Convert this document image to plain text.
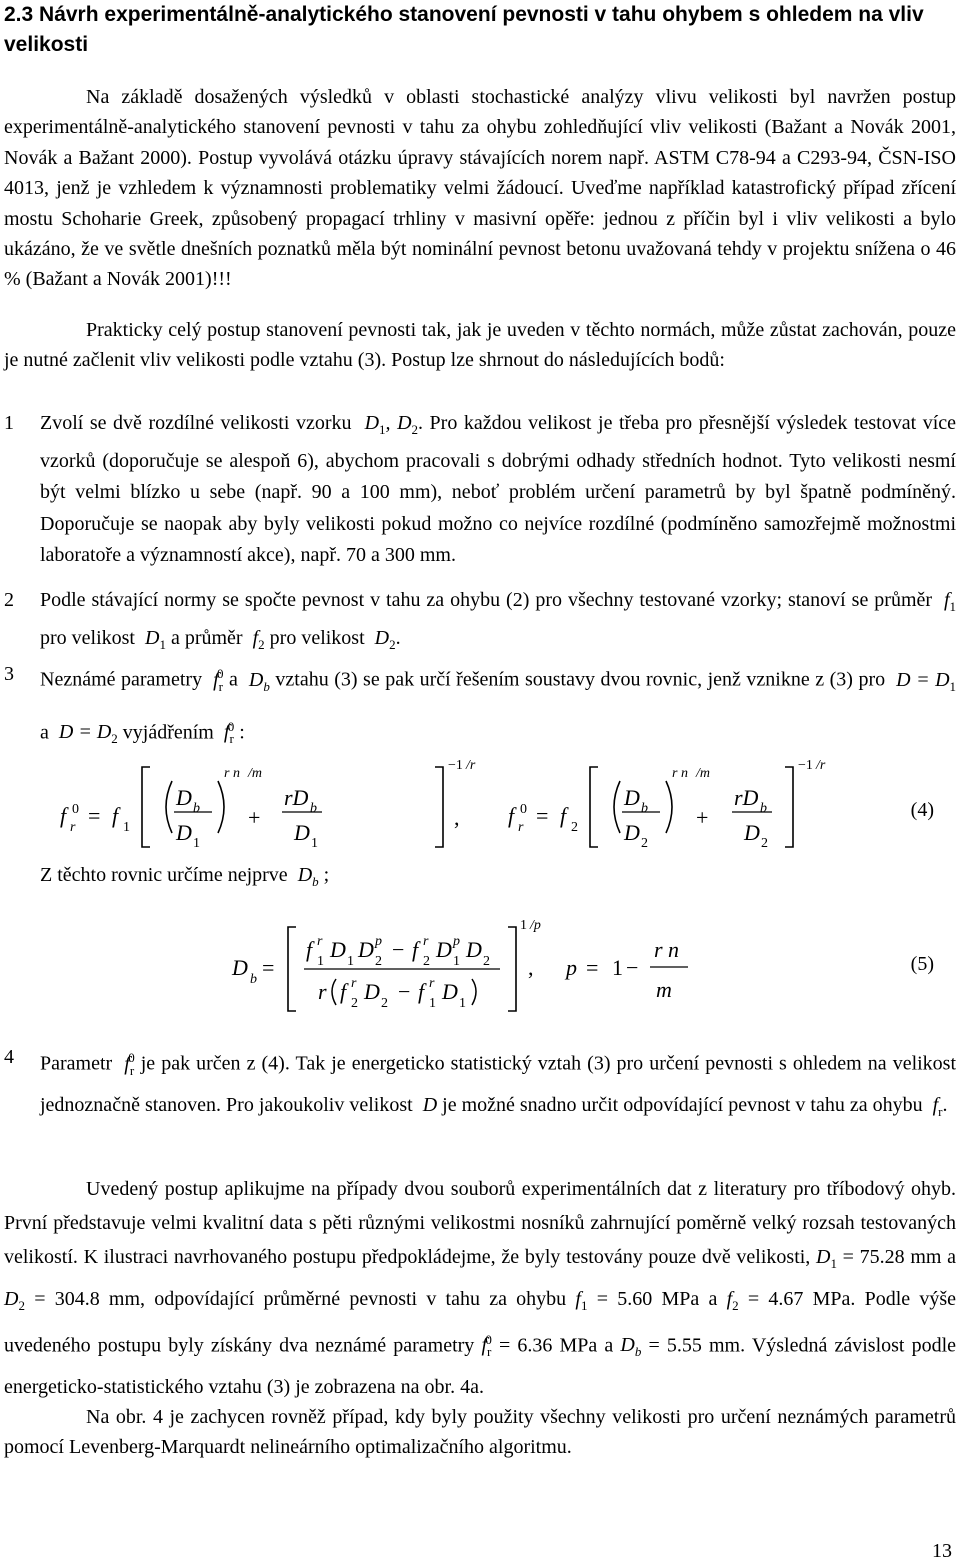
2.3 Návrh experimentálně-analytického stanovení pevnosti v tahu ohybem s ohledem na vliv velikosti

Na základě dosažených výsledků v oblasti stochastické analýzy vlivu velikosti byl navržen postup experimentálně-analytického stanovení pevnosti v tahu za ohybu zohledňující vliv velikosti (Bažant a Novák 2001, Novák a Bažant 2000). Postup vyvolává otázku úpravy stávajících norem např. ASTM C78-94 a C293-94, ČSN-ISO 4013, jenž je vzhledem k významnosti problematiky velmi žádoucí. Uveďme například katastrofický případ zřícení mostu Schoharie Greek, způsobený propagací trhliny v masivní opěře: jednou z příčin byl i vliv velikosti a bylo ukázáno, že ve světle dnešních poznatků měla být nominální pevnost betonu uvažovaná tehdy v projektu snížena o 46 % (Bažant a Novák 2001)!!!

Prakticky celý postup stanovení pevnosti tak, jak je uveden v těchto normách, může zůstat zachován, pouze je nutné začlenit vliv velikosti podle vztahu (3). Postup lze shrnout do následujících bodů:

1	Zvolí se dvě rozdílné velikosti vzorku  $D_1$, $D_2$. Pro každou velikost je třeba pro přesnější výsledek testovat více vzorků (doporučuje se alespoň 6), abychom pracovali s dobrými odhady středních hodnot. Tyto velikosti nesmí být velmi blízko u sebe (např. 90 a 100 mm), neboť problém určení parametrů by byl špatně podmíněný. Doporučuje se naopak aby byly velikosti pokud možno co nejvíce rozdílné (podmíněno samozřejmě možnostmi laboratoře a významností akce), např. 70 a 300 mm.
2	Podle stávající normy se spočte pevnost v tahu za ohybu (2) pro všechny testované vzorky; stanoví se průměr  $f_1$ pro velikost  $D_1$ a průměr  $f_2$ pro velikost  $D_2$.
3	Neznámé parametry  $f_r^0$ a  $D_b$ vztahu (3) se pak určí řešením soustavy dvou rovnic, jenž vznikne z (3) pro  $D = D_1$ a  $D = D_2$ vyjádřením  $f_r^0$ :
f r
0 = f 1
D b
D 1
r n /m
+
rD b
D 1
−1 /r
, f r
0 = f 2
D b
D 2
r n /m
+
rD b
D 2
−1 /r
(4)
Z těchto rovnic určíme nejprve  $D_b$ ;
D b =
f 1
r D 1 D 2
p − f 2
r D 1
p D 2
r f 2
r D 2 − f 1
r D 1
1 /p
, p = 1 −
r n
m
(5)
4	Parametr  $f_r^0$ je pak určen z (4). Tak je energeticko statistický vztah (3) pro určení pevnosti s ohledem na velikost jednoznačně stanoven. Pro jakoukoliv velikost  D je možné snadno určit odpovídající pevnost v tahu za ohybu  $f_r$.

Uvedený postup aplikujme na případy dvou souborů experimentálních dat z literatury pro tříbodový ohyb. První představuje velmi kvalitní data s pěti různými velikostmi nosníků zahrnující poměrně velký rozsah testovaných velikostí. K ilustraci navrhovaného postupu předpokládejme, že byly testovány pouze dvě velikosti, $D_1 = 75.28$ mm a $D_2 = 304.8$ mm, odpovídající průměrné pevnosti v tahu za ohybu $f_1 = 5.60$ MPa a $f_2 = 4.67$ MPa. Podle výše uvedeného postupu byly získány dva neznámé parametry $f_r^0 = 6.36$ MPa a $D_b = 5.55$ mm. Výsledná závislost podle energeticko-statistického vztahu (3) je zobrazena na obr. 4a.

Na obr. 4 je zachycen rovněž případ, kdy byly použity všechny velikosti pro určení neznámých parametrů pomocí Levenberg-Marquardt nelineárního optimalizačního algoritmu.

13
